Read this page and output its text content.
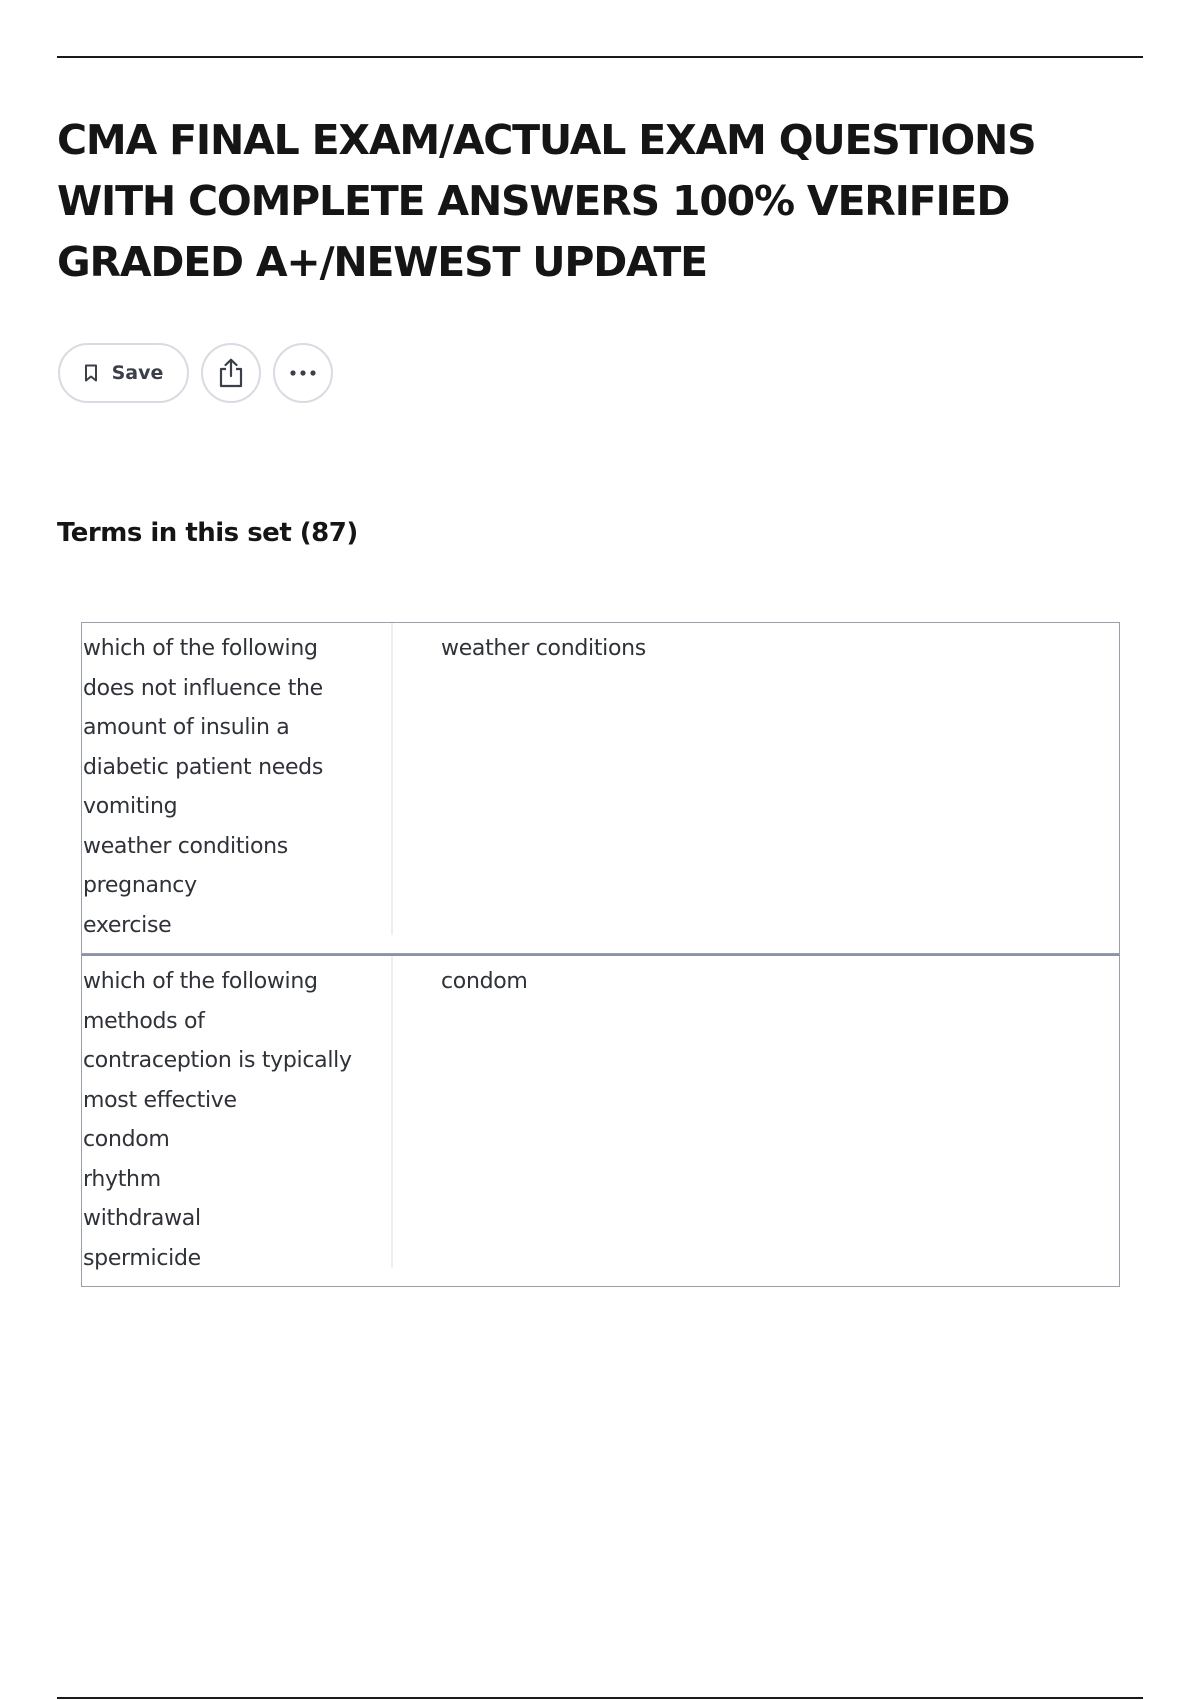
CMA FINAL EXAM/ACTUAL EXAM QUESTIONS
WITH COMPLETE ANSWERS 100% VERIFIED
GRADED A+/NEWEST UPDATE
Save
Terms in this set (87)
which of the following
does not influence the
amount of insulin a
diabetic patient needs
vomiting
weather conditions
pregnancy
exercise
weather conditions
which of the following
methods of
contraception is typically
most effective
condom
rhythm
withdrawal
spermicide
condom
